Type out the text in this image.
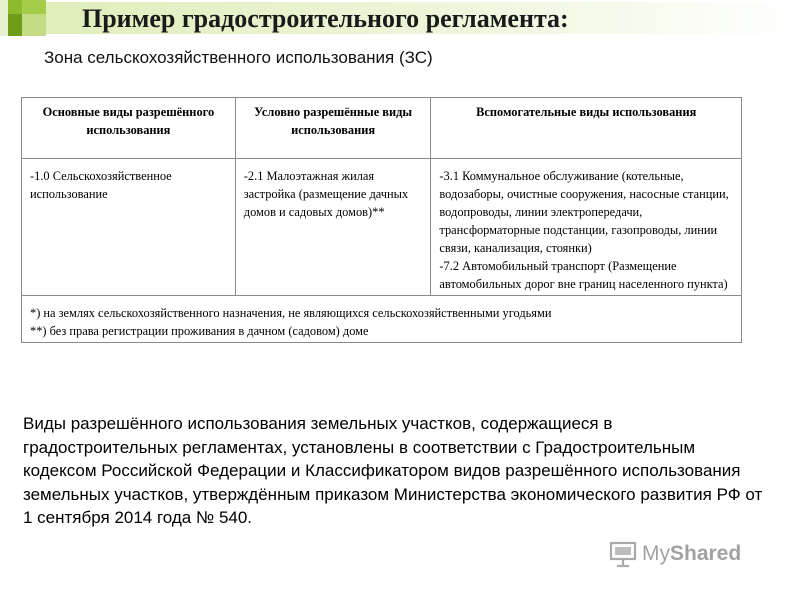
Пример градостроительного регламента:
Зона сельскохозяйственного использования (ЗС)
Основные виды разрешённого использования	Условно разрешённые виды использования	Вспомогательные виды использования

-1.0 Сельскохозяйственное использование	-2.1 Малоэтажная жилая застройка (размещение дачных домов и садовых домов)**	-3.1 Коммунальное обслуживание (котельные, водозаборы, очистные сооружения, насосные станции, водопроводы, линии электропередачи, трансформаторные подстанции, газопроводы, линии связи, канализация, стоянки)
-7.2 Автомобильный транспорт (Размещение автомобильных дорог вне границ населенного пункта)

*) на землях сельскохозяйственного назначения, не являющихся сельскохозяйственными угодьями
**) без права регистрации проживания в дачном (садовом) доме		
Виды разрешённого использования земельных участков, содержащиеся в градостроительных регламентах, установлены в соответствии с Градостроительным кодексом Российской Федерации и Классификатором видов разрешённого использования земельных участков, утверждённым приказом Министерства экономического развития РФ от 1 сентября 2014 года № 540.
MyShared
